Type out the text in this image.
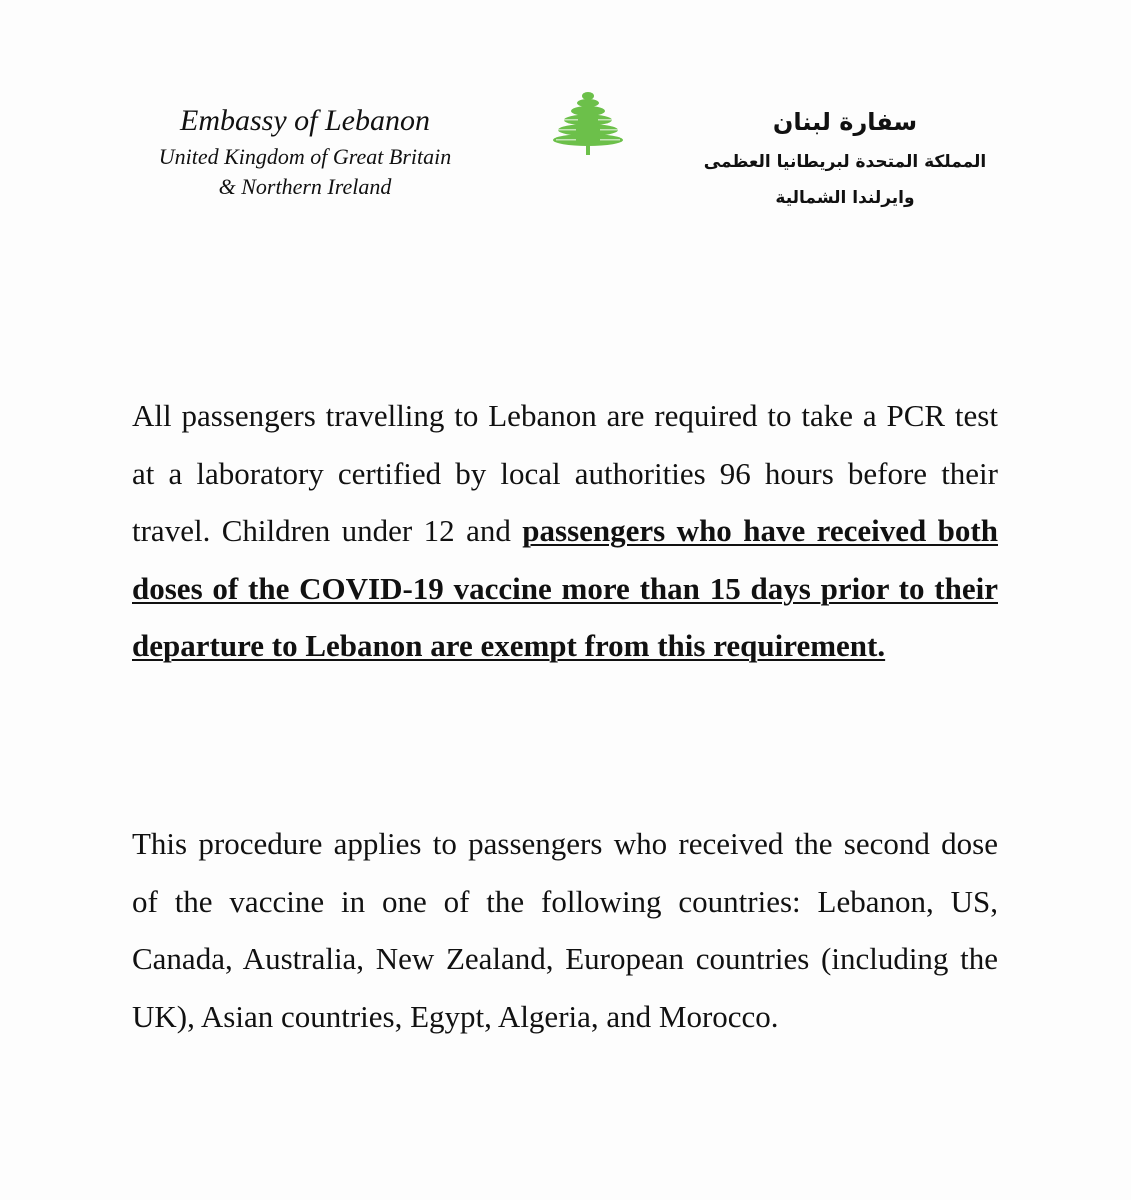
Embassy of Lebanon
United Kingdom of Great Britain
& Northern Ireland
سفارة لبنان
المملكة المتحدة لبريطانيا العظمى
وايرلندا الشمالية

All passengers travelling to Lebanon are required to take a PCR test at a laboratory certified by local authorities 96 hours before their travel. Children under 12 and passengers who have received both doses of the COVID-19 vaccine more than 15 days prior to their departure to Lebanon are exempt from this requirement.

This procedure applies to passengers who received the second dose of the vaccine in one of the following countries: Lebanon, US, Canada, Australia, New Zealand, European countries (including the UK), Asian countries, Egypt, Algeria, and Morocco.
